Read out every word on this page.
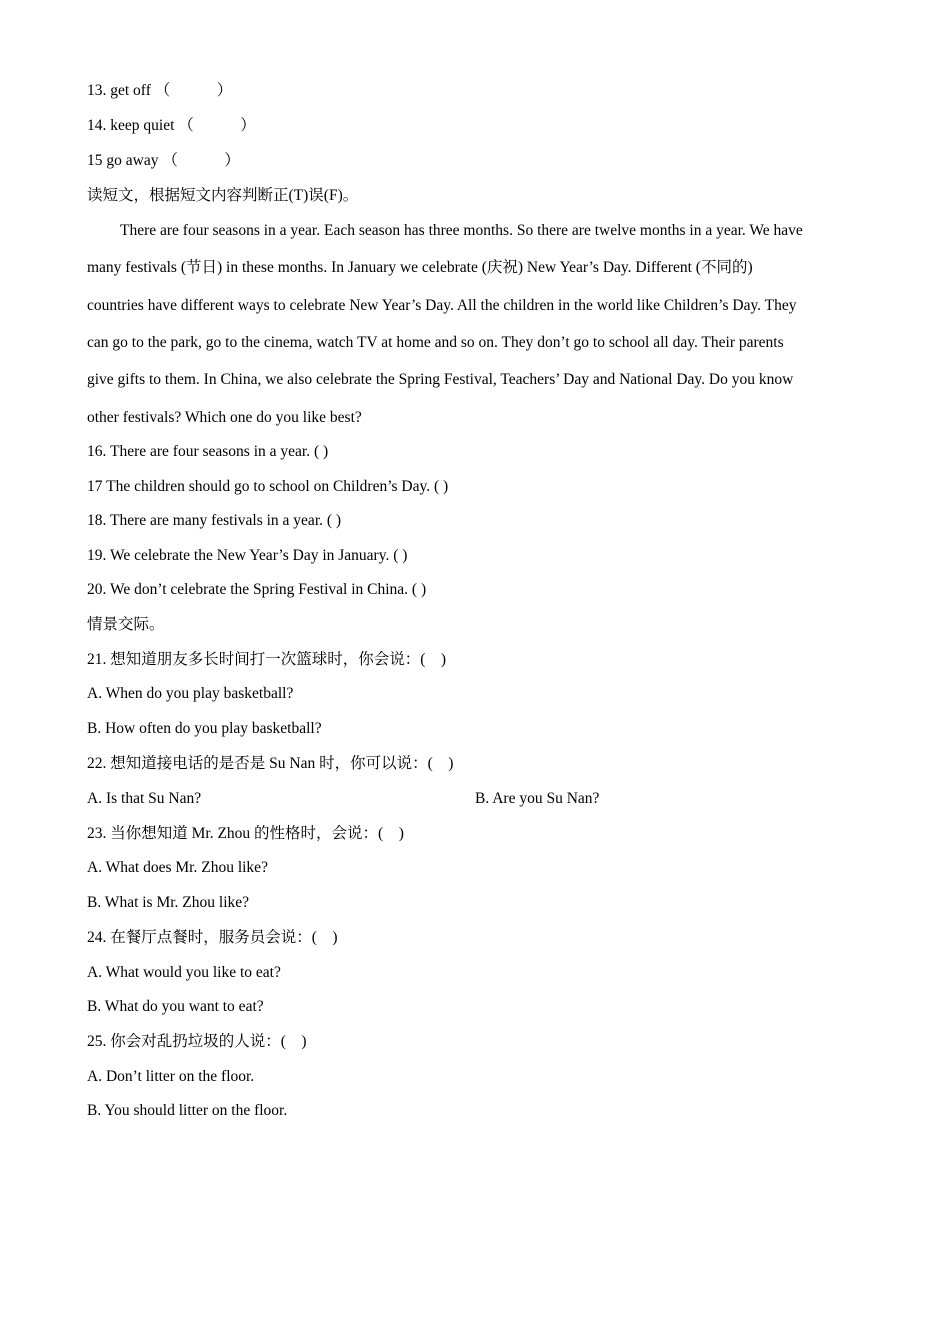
13. get off （　　　）
14. keep quiet （　　　）
15 go away （　　　）
读短文，根据短文内容判断正(T)误(F)。
There are four seasons in a year. Each season has three months. So there are twelve months in a year. We have
many festivals (节日) in these months. In January we celebrate (庆祝) New Year’s Day. Different (不同的)
countries have different ways to celebrate New Year’s Day. All the children in the world like Children’s Day. They
can go to the park, go to the cinema, watch TV at home and so on. They don’t go to school all day. Their parents
give gifts to them. In China, we also celebrate the Spring Festival, Teachers’ Day and National Day. Do you know
other festivals? Which one do you like best?
16. There are four seasons in a year. ( )
17 The children should go to school on Children’s Day. ( )
18. There are many festivals in a year. ( )
19. We celebrate the New Year’s Day in January. ( )
20. We don’t celebrate the Spring Festival in China. ( )
情景交际。
21. 想知道朋友多长时间打一次篮球时，你会说：(　)
A. When do you play basketball?
B. How often do you play basketball?
22. 想知道接电话的是否是 Su Nan 时，你可以说：(　)
A. Is that Su Nan?	B. Are you Su Nan?
23. 当你想知道 Mr. Zhou 的性格时，会说：(　)
A. What does Mr. Zhou like?
B. What is Mr. Zhou like?
24. 在餐厅点餐时，服务员会说：(　)
A. What would you like to eat?
B. What do you want to eat?
25. 你会对乱扔垃圾的人说：(　)
A. Don’t litter on the floor.
B. You should litter on the floor.
